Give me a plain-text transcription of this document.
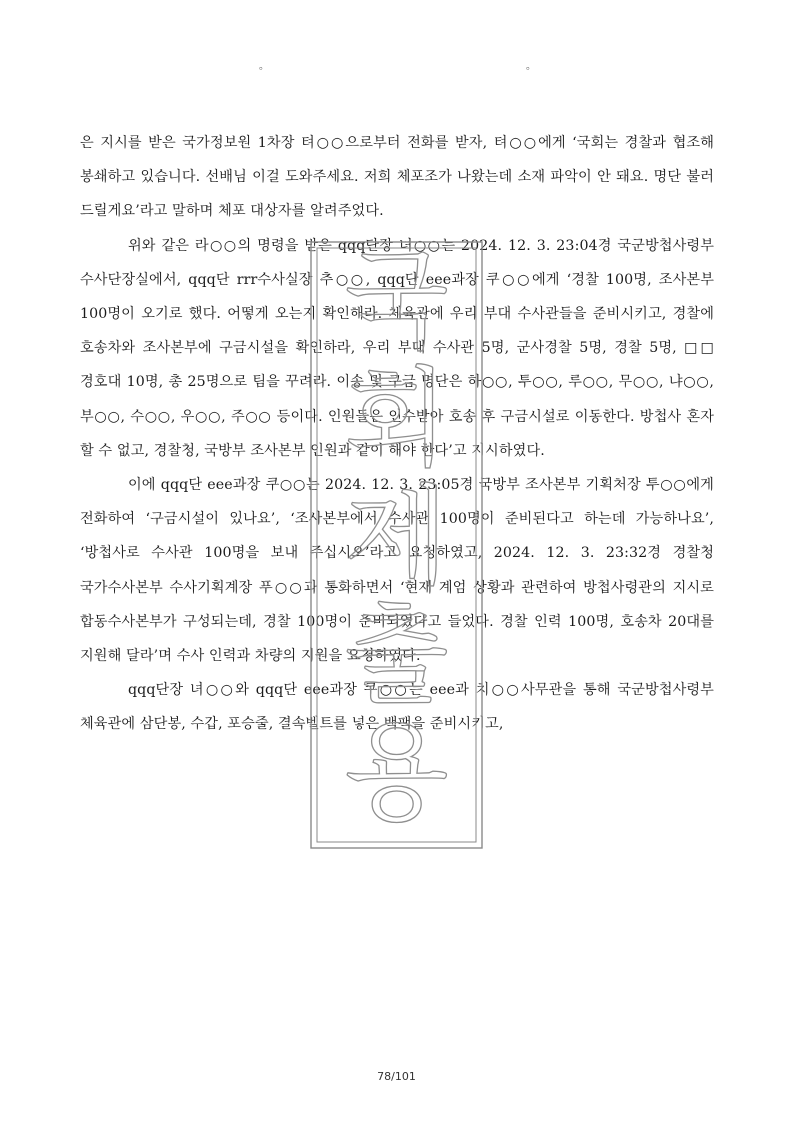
。	。

은 지시를 받은 국가정보원 1차장 텨○○으로부터 전화를 받자, 텨○○에게 ‘국회는 경찰과 협조해 봉쇄하고 있습니다. 선배님 이걸 도와주세요. 저희 체포조가 나왔는데 소재 파악이 안 돼요. 명단 불러 드릴게요’라고 말하며 체포 대상자를 알려주었다.

위와 같은 라○○의 명령을 받은 qqq단장 녀○○는 2024. 12. 3. 23:04경 국군방첩사령부 수사단장실에서, qqq단 rrr수사실장 추○○, qqq단 eee과장 쿠○○에게 ‘경찰 100명, 조사본부 100명이 오기로 했다. 어떻게 오는지 확인해라. 체육관에 우리 부대 수사관들을 준비시키고, 경찰에 호송차와 조사본부에 구금시설을 확인하라, 우리 부대 수사관 5명, 군사경찰 5명, 경찰 5명, □□경호대 10명, 총 25명으로 팀을 꾸려라. 이송 및 구금 명단은 하○○, 투○○, 루○○, 무○○, 냐○○, 부○○, 수○○, 우○○, 주○○ 등이다. 인원들은 인수받아 호송 후 구금시설로 이동한다. 방첩사 혼자 할 수 없고, 경찰청, 국방부 조사본부 인원과 같이 해야 한다’고 지시하였다.

이에 qqq단 eee과장 쿠○○는 2024. 12. 3. 23:05경 국방부 조사본부 기획처장 투○○에게 전화하여 ‘구금시설이 있나요’, ‘조사본부에서 수사관 100명이 준비된다고 하는데 가능하나요’, ‘방첩사로 수사관 100명을 보내 주십시오’라고 요청하였고, 2024. 12. 3. 23:32경 경찰청 국가수사본부 수사기획계장 푸○○과 통화하면서 ‘현재 계엄 상황과 관련하여 방첩사령관의 지시로 합동수사본부가 구성되는데, 경찰 100명이 준비되었다고 들었다. 경찰 인력 100명, 호송차 20대를 지원해 달라’며 수사 인력과 차량의 지원을 요청하였다.

qqq단장 녀○○와 qqq단 eee과장 쿠○○는 eee과 치○○사무관을 통해 국군방첩사령부 체육관에 삼단봉, 수갑, 포승줄, 결속벨트를 넣은 백팩을 준비시키고,

국
회
제
출
용
78/101
